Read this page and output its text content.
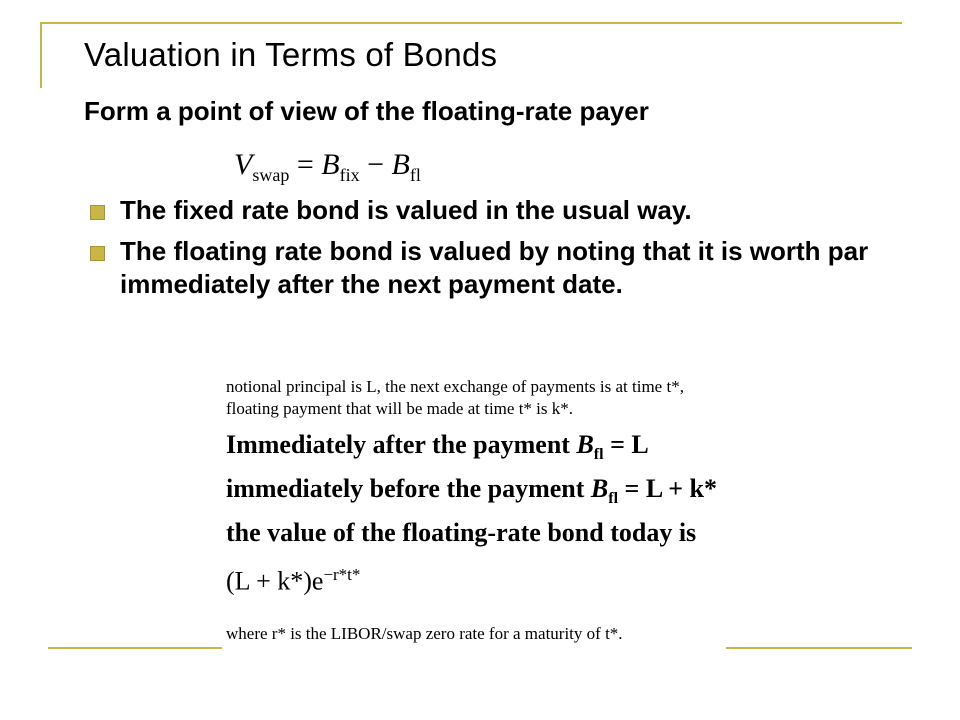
Valuation in Terms of Bonds
Form a point of view of the floating-rate payer
$V_{swap} = B_{fix} - B_{fl}$
The fixed rate bond is valued in the usual way.
The floating rate bond is valued by noting that it is worth par immediately after the next payment date.
notional principal is L, the next exchange of payments is at time t*,
floating payment that will be made at time t* is k*.
Immediately after the payment $B_{fl} = L$
immediately before the payment $B_{fl} = L + k*$
the value of the floating-rate bond today is
$(L + k*)e^{-r*t*}$
where r* is the LIBOR/swap zero rate for a maturity of t*.
